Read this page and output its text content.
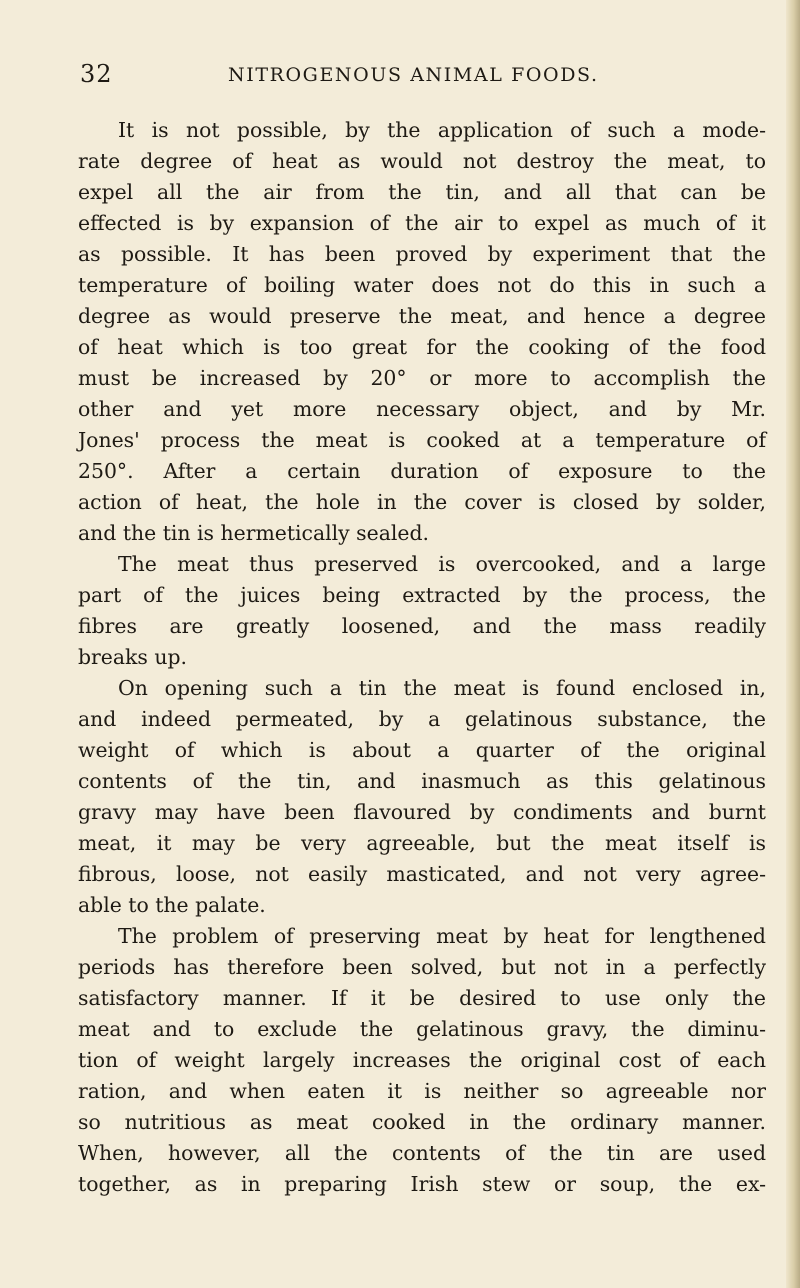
32	NITROGENOUS ANIMAL FOODS.
It is not possible, by the application of such a mode-
rate degree of heat as would not destroy the meat, to
expel all the air from the tin, and all that can be
effected is by expansion of the air to expel as much of it
as possible. It has been proved by experiment that the
temperature of boiling water does not do this in such a
degree as would preserve the meat, and hence a degree
of heat which is too great for the cooking of the food
must be increased by 20° or more to accomplish the
other and yet more necessary object, and by Mr.
Jones' process the meat is cooked at a temperature of
250°. After a certain duration of exposure to the
action of heat, the hole in the cover is closed by solder,
and the tin is hermetically sealed.
The meat thus preserved is overcooked, and a large
part of the juices being extracted by the process, the
fibres are greatly loosened, and the mass readily
breaks up.
On opening such a tin the meat is found enclosed in,
and indeed permeated, by a gelatinous substance, the
weight of which is about a quarter of the original
contents of the tin, and inasmuch as this gelatinous
gravy may have been flavoured by condiments and burnt
meat, it may be very agreeable, but the meat itself is
fibrous, loose, not easily masticated, and not very agree-
able to the palate.
The problem of preserving meat by heat for lengthened
periods has therefore been solved, but not in a perfectly
satisfactory manner. If it be desired to use only the
meat and to exclude the gelatinous gravy, the diminu-
tion of weight largely increases the original cost of each
ration, and when eaten it is neither so agreeable nor
so nutritious as meat cooked in the ordinary manner.
When, however, all the contents of the tin are used
together, as in preparing Irish stew or soup, the ex-
